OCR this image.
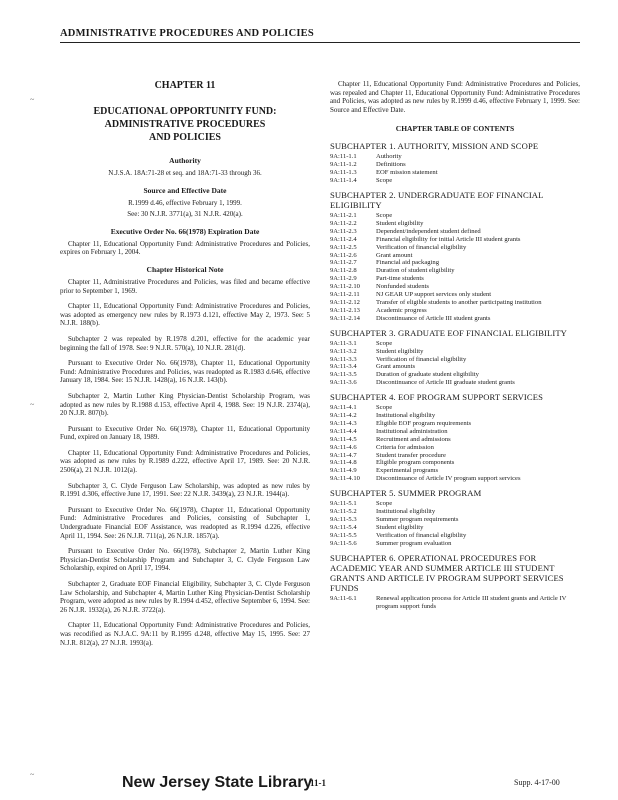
ADMINISTRATIVE PROCEDURES AND POLICIES
~
~
~
CHAPTER 11
EDUCATIONAL OPPORTUNITY FUND:
ADMINISTRATIVE PROCEDURES
AND POLICIES
Authority
N.J.S.A. 18A:71-28 et seq. and 18A:71-33 through 36.
Source and Effective Date
R.1999 d.46, effective February 1, 1999.
See: 30 N.J.R. 3771(a), 31 N.J.R. 420(a).
Executive Order No. 66(1978) Expiration Date
Chapter 11, Educational Opportunity Fund: Administrative Procedures and Policies, expires on February 1, 2004.
Chapter Historical Note
Chapter 11, Administrative Procedures and Policies, was filed and became effective prior to September 1, 1969.
Chapter 11, Educational Opportunity Fund: Administrative Procedures and Policies, was adopted as emergency new rules by R.1973 d.121, effective May 2, 1973. See: 5 N.J.R. 188(b).
Subchapter 2 was repealed by R.1978 d.201, effective for the academic year beginning the fall of 1978. See: 9 N.J.R. 570(a), 10 N.J.R. 281(d).
Pursuant to Executive Order No. 66(1978), Chapter 11, Educational Opportunity Fund: Administrative Procedures and Policies, was readopted as R.1983 d.646, effective January 18, 1984. See: 15 N.J.R. 1428(a), 16 N.J.R. 143(b).
Subchapter 2, Martin Luther King Physician-Dentist Scholarship Program, was adopted as new rules by R.1988 d.153, effective April 4, 1988. See: 19 N.J.R. 2374(a), 20 N.J.R. 807(b).
Pursuant to Executive Order No. 66(1978), Chapter 11, Educational Opportunity Fund, expired on January 18, 1989.
Chapter 11, Educational Opportunity Fund: Administrative Procedures and Policies, was adopted as new rules by R.1989 d.222, effective April 17, 1989. See: 20 N.J.R. 2506(a), 21 N.J.R. 1012(a).
Subchapter 3, C. Clyde Ferguson Law Scholarship, was adopted as new rules by R.1991 d.306, effective June 17, 1991. See: 22 N.J.R. 3439(a), 23 N.J.R. 1944(a).
Pursuant to Executive Order No. 66(1978), Chapter 11, Educational Opportunity Fund: Administrative Procedures and Policies, consisting of Subchapter 1, Undergraduate Financial EOF Assistance, was readopted as R.1994 d.226, effective April 11, 1994. See: 26 N.J.R. 711(a), 26 N.J.R. 1857(a).
Pursuant to Executive Order No. 66(1978), Subchapter 2, Martin Luther King Physician-Dentist Scholarship Program and Subchapter 3, C. Clyde Ferguson Law Scholarship, expired on April 17, 1994.
Subchapter 2, Graduate EOF Financial Eligibility, Subchapter 3, C. Clyde Ferguson Law Scholarship, and Subchapter 4, Martin Luther King Physician-Dentist Scholarship Program, were adopted as new rules by R.1994 d.452, effective September 6, 1994. See: 26 N.J.R. 1932(a), 26 N.J.R. 3722(a).
Chapter 11, Educational Opportunity Fund: Administrative Procedures and Policies, was recodified as N.J.A.C. 9A:11 by R.1995 d.248, effective May 15, 1995. See: 27 N.J.R. 812(a), 27 N.J.R. 1993(a).
Chapter 11, Educational Opportunity Fund: Administrative Procedures and Policies, was repealed and Chapter 11, Educational Opportunity Fund: Administrative Procedures and Policies, was adopted as new rules by R.1999 d.46, effective February 1, 1999. See: Source and Effective Date.
CHAPTER TABLE OF CONTENTS
SUBCHAPTER 1. AUTHORITY, MISSION AND SCOPE
9A:11-1.1	Authority
9A:11-1.2	Definitions
9A:11-1.3	EOF mission statement
9A:11-1.4	Scope
SUBCHAPTER 2. UNDERGRADUATE EOF FINANCIAL ELIGIBILITY
9A:11-2.1	Scope
9A:11-2.2	Student eligibility
9A:11-2.3	Dependent/independent student defined
9A:11-2.4	Financial eligibility for initial Article III student grants
9A:11-2.5	Verification of financial eligibility
9A:11-2.6	Grant amount
9A:11-2.7	Financial aid packaging
9A:11-2.8	Duration of student eligibility
9A:11-2.9	Part-time students
9A:11-2.10	Nonfunded students
9A:11-2.11	NJ GEAR UP support services only student
9A:11-2.12	Transfer of eligible students to another participating institution
9A:11-2.13	Academic progress
9A:11-2.14	Discontinuance of Article III student grants
SUBCHAPTER 3. GRADUATE EOF FINANCIAL ELIGIBILITY
9A:11-3.1	Scope
9A:11-3.2	Student eligibility
9A:11-3.3	Verification of financial eligibility
9A:11-3.4	Grant amounts
9A:11-3.5	Duration of graduate student eligibility
9A:11-3.6	Discontinuance of Article III graduate student grants
SUBCHAPTER 4. EOF PROGRAM SUPPORT SERVICES
9A:11-4.1	Scope
9A:11-4.2	Institutional eligibility
9A:11-4.3	Eligible EOF program requirements
9A:11-4.4	Institutional administration
9A:11-4.5	Recruitment and admissions
9A:11-4.6	Criteria for admission
9A:11-4.7	Student transfer procedure
9A:11-4.8	Eligible program components
9A:11-4.9	Experimental programs
9A:11-4.10	Discontinuance of Article IV program support services
SUBCHAPTER 5. SUMMER PROGRAM
9A:11-5.1	Scope
9A:11-5.2	Institutional eligibility
9A:11-5.3	Summer program requirements
9A:11-5.4	Student eligibility
9A:11-5.5	Verification of financial eligibility
9A:11-5.6	Summer program evaluation
SUBCHAPTER 6. OPERATIONAL PROCEDURES FOR ACADEMIC YEAR AND SUMMER ARTICLE III STUDENT GRANTS AND ARTICLE IV PROGRAM SUPPORT SERVICES FUNDS
9A:11-6.1	Renewal application process for Article III student grants and Article IV program support funds
New Jersey State Library
11-1	Supp. 4-17-00
